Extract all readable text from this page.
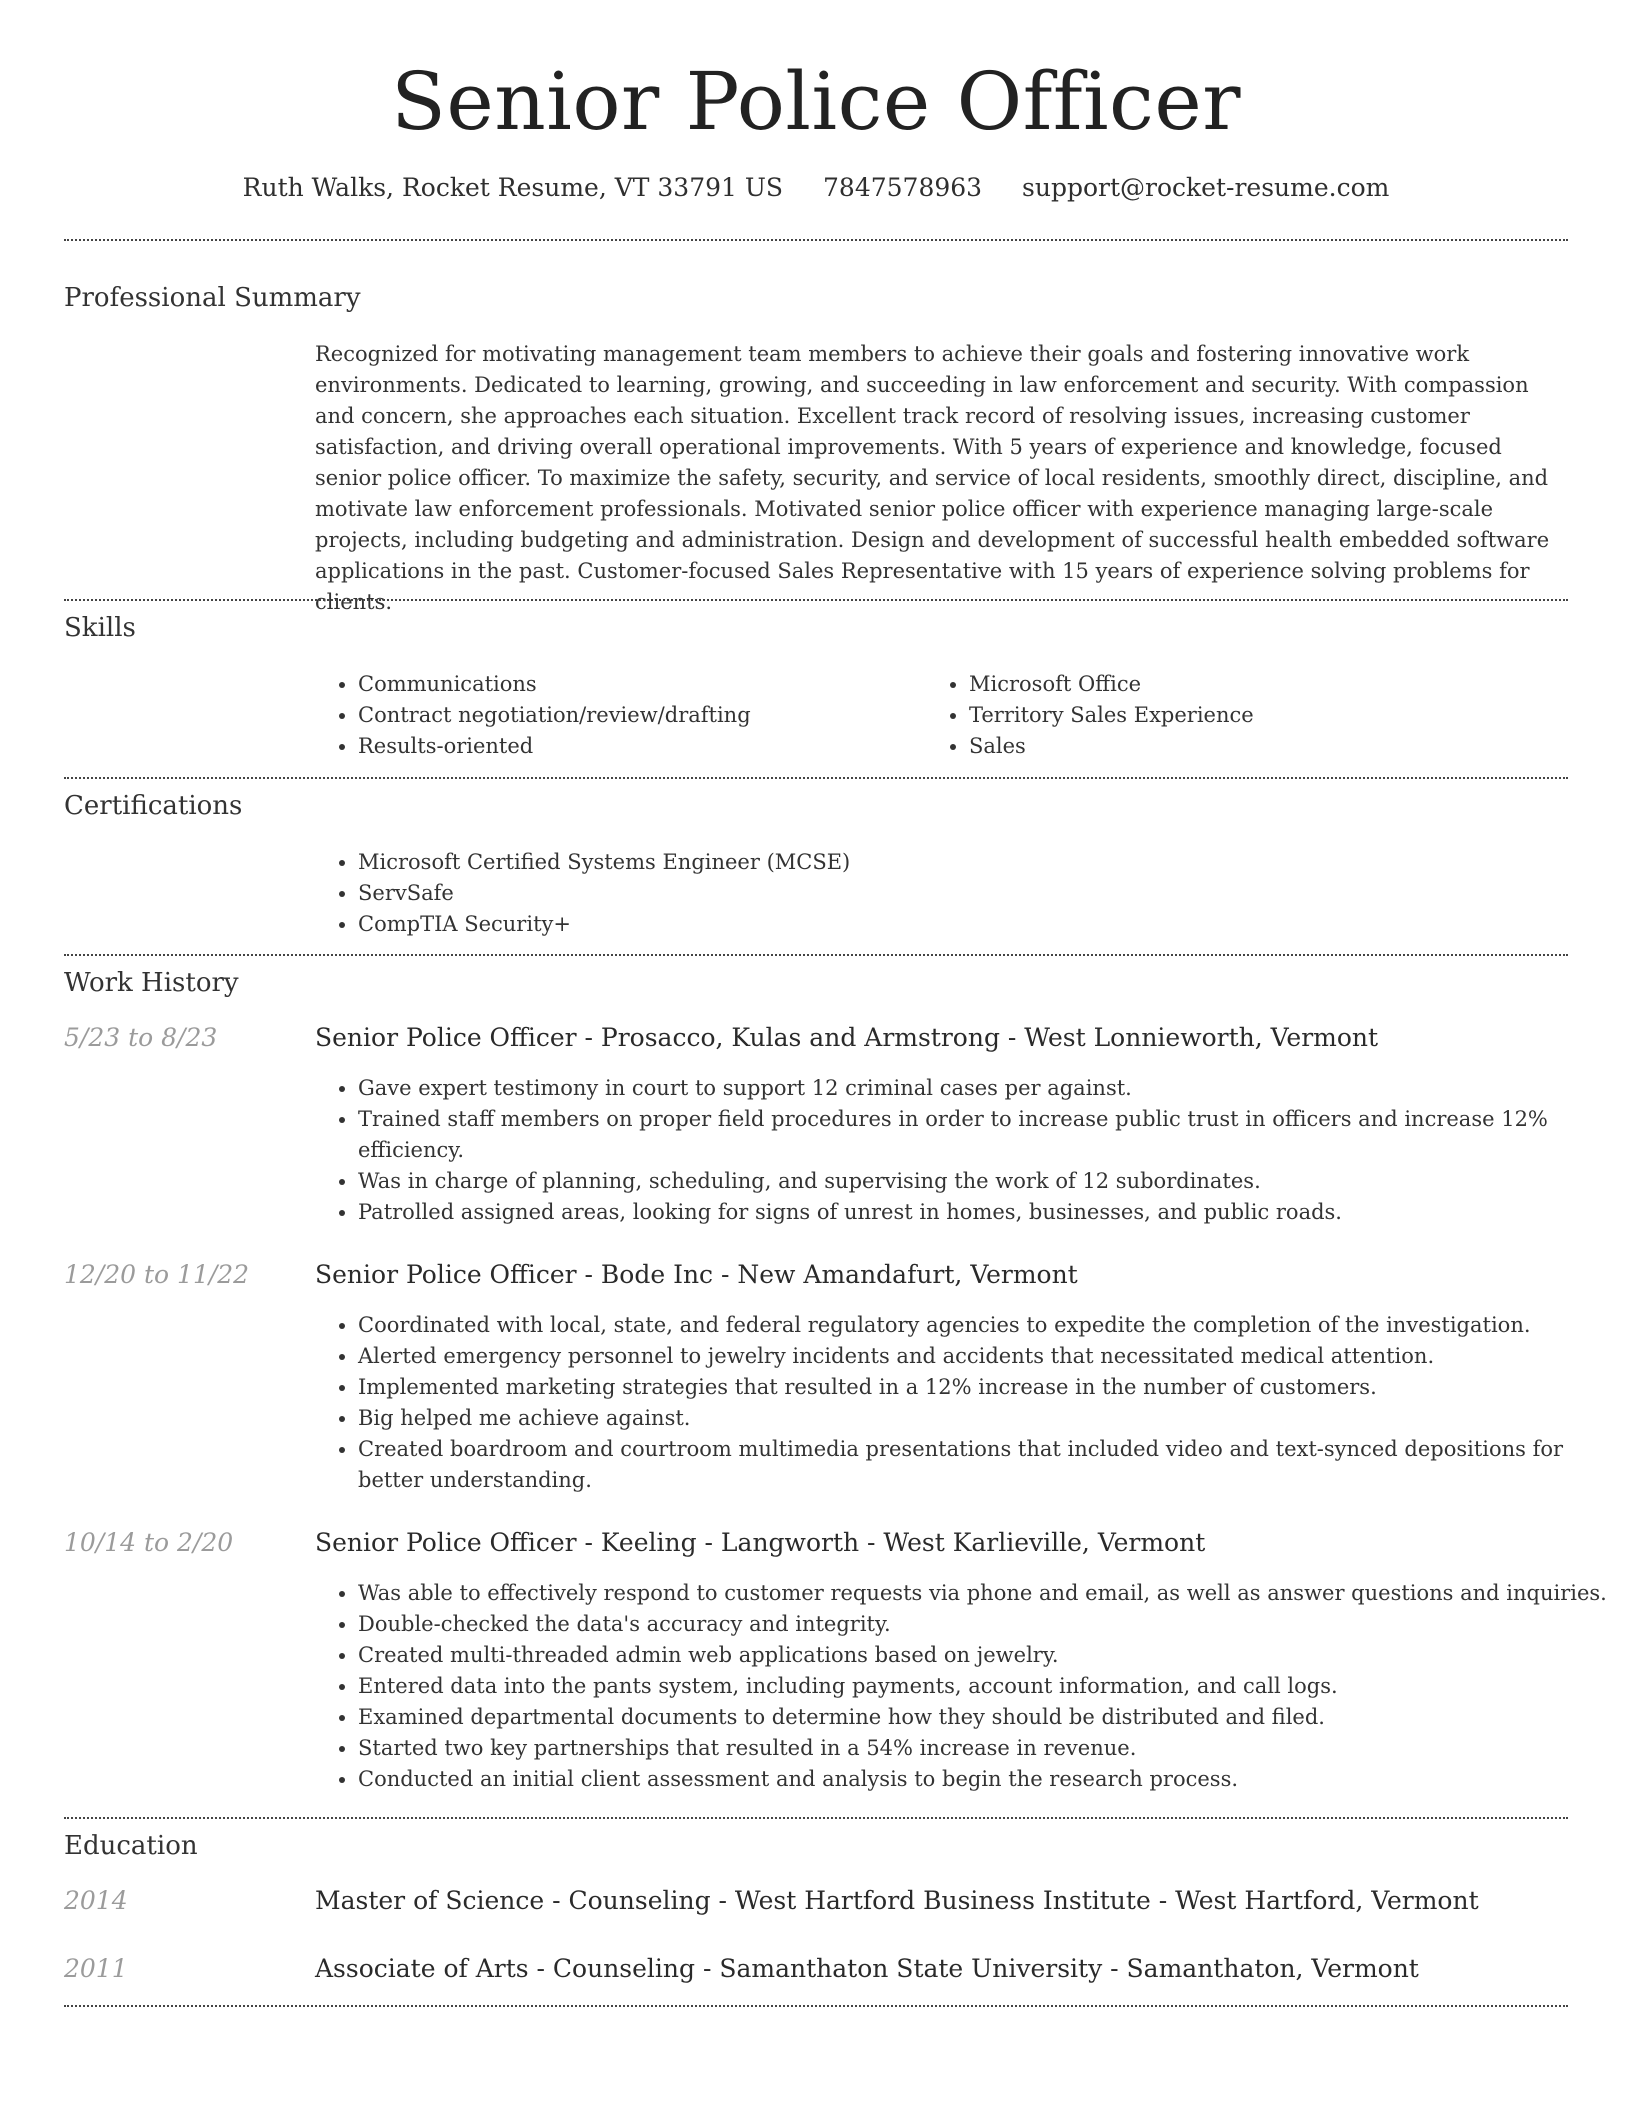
Senior Police Officer
Ruth Walks, Rocket Resume, VT 33791 US 7847578963 support@rocket-resume.com
Professional Summary
Recognized for motivating management team members to achieve their goals and fostering innovative work environments. Dedicated to learning, growing, and succeeding in law enforcement and security. With compassion and concern, she approaches each situation. Excellent track record of resolving issues, increasing customer satisfaction, and driving overall operational improvements. With 5 years of experience and knowledge, focused senior police officer. To maximize the safety, security, and service of local residents, smoothly direct, discipline, and motivate law enforcement professionals. Motivated senior police officer with experience managing large-scale projects, including budgeting and administration. Design and development of successful health embedded software applications in the past. Customer-focused Sales Representative with 15 years of experience solving problems for clients.
Skills
• Communications
• Contract negotiation/review/drafting
• Results-oriented
• Microsoft Office
• Territory Sales Experience
• Sales
Certifications
• Microsoft Certified Systems Engineer (MCSE)
• ServSafe
• CompTIA Security+
Work History
5/23 to 8/23	Senior Police Officer - Prosacco, Kulas and Armstrong - West Lonnieworth, Vermont
• Gave expert testimony in court to support 12 criminal cases per against.
• Trained staff members on proper field procedures in order to increase public trust in officers and increase 12% efficiency.
• Was in charge of planning, scheduling, and supervising the work of 12 subordinates.
• Patrolled assigned areas, looking for signs of unrest in homes, businesses, and public roads.
12/20 to 11/22	Senior Police Officer - Bode Inc - New Amandafurt, Vermont
• Coordinated with local, state, and federal regulatory agencies to expedite the completion of the investigation.
• Alerted emergency personnel to jewelry incidents and accidents that necessitated medical attention.
• Implemented marketing strategies that resulted in a 12% increase in the number of customers.
• Big helped me achieve against.
• Created boardroom and courtroom multimedia presentations that included video and text-synced depositions for better understanding.
10/14 to 2/20	Senior Police Officer - Keeling - Langworth - West Karlieville, Vermont
• Was able to effectively respond to customer requests via phone and email, as well as answer questions and inquiries.
• Double-checked the data's accuracy and integrity.
• Created multi-threaded admin web applications based on jewelry.
• Entered data into the pants system, including payments, account information, and call logs.
• Examined departmental documents to determine how they should be distributed and filed.
• Started two key partnerships that resulted in a 54% increase in revenue.
• Conducted an initial client assessment and analysis to begin the research process.
Education
2014	Master of Science - Counseling - West Hartford Business Institute - West Hartford, Vermont
2011	Associate of Arts - Counseling - Samanthaton State University - Samanthaton, Vermont
